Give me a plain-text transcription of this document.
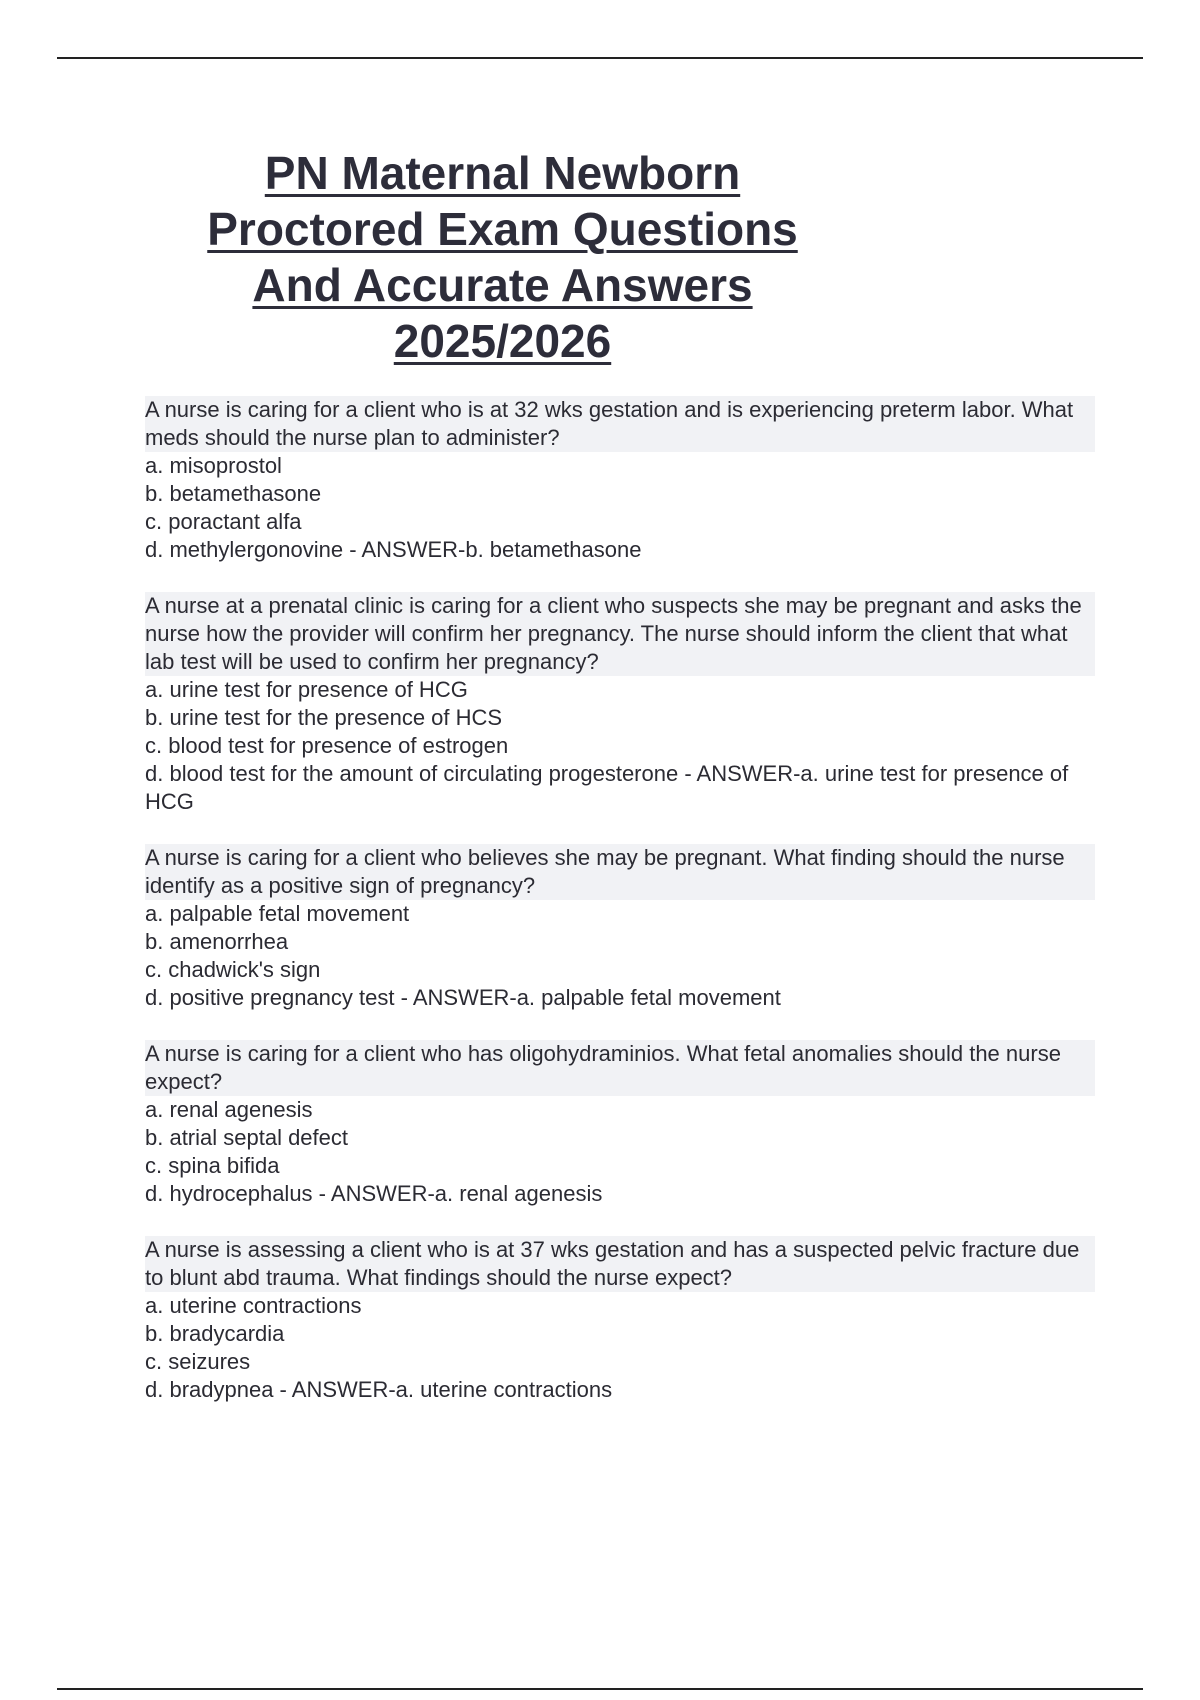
PN Maternal Newborn
Proctored Exam Questions
And Accurate Answers
2025/2026
A nurse is caring for a client who is at 32 wks gestation and is experiencing preterm labor. What meds should the nurse plan to administer?
a. misoprostol
b. betamethasone
c. poractant alfa
d. methylergonovine - ANSWER-b. betamethasone
A nurse at a prenatal clinic is caring for a client who suspects she may be pregnant and asks the nurse how the provider will confirm her pregnancy. The nurse should inform the client that what lab test will be used to confirm her pregnancy?
a. urine test for presence of HCG
b. urine test for the presence of HCS
c. blood test for presence of estrogen
d. blood test for the amount of circulating progesterone - ANSWER-a. urine test for presence of HCG
A nurse is caring for a client who believes she may be pregnant. What finding should the nurse identify as a positive sign of pregnancy?
a. palpable fetal movement
b. amenorrhea
c. chadwick's sign
d. positive pregnancy test - ANSWER-a. palpable fetal movement
A nurse is caring for a client who has oligohydraminios. What fetal anomalies should the nurse expect?
a. renal agenesis
b. atrial septal defect
c. spina bifida
d. hydrocephalus - ANSWER-a. renal agenesis
A nurse is assessing a client who is at 37 wks gestation and has a suspected pelvic fracture due to blunt abd trauma. What findings should the nurse expect?
a. uterine contractions
b. bradycardia
c. seizures
d. bradypnea - ANSWER-a. uterine contractions
